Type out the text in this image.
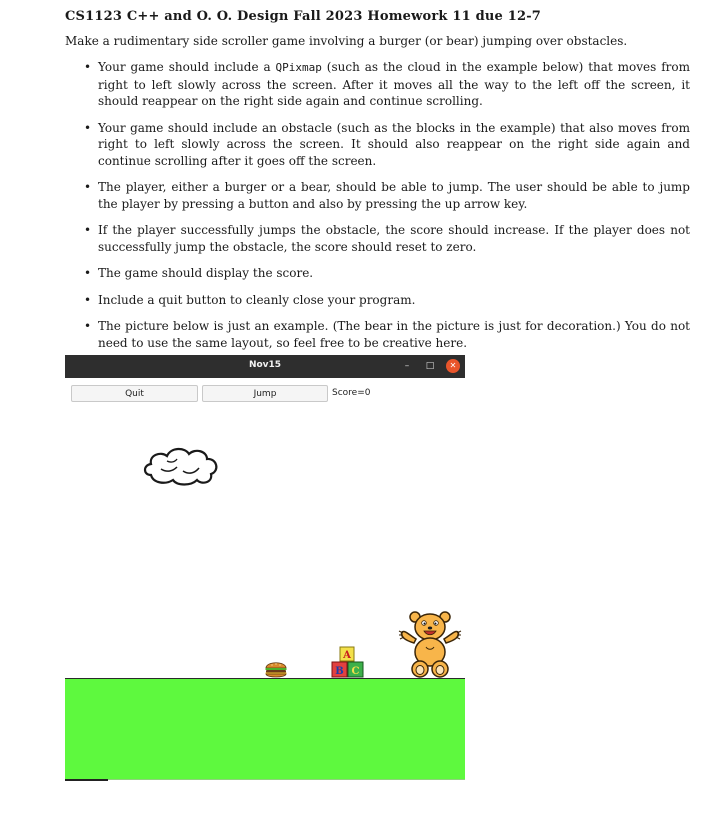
CS1123 C++ and O. O. Design Fall 2023 Homework 11 due 12-7
Make a rudimentary side scroller game involving a burger (or bear) jumping over obstacles.
• Your game should include a QPixmap (such as the cloud in the example below) that moves from right to left slowly across the screen. After it moves all the way to the left off the screen, it should reappear on the right side again and continue scrolling.
• Your game should include an obstacle (such as the blocks in the example) that also moves from right to left slowly across the screen. It should also reappear on the right side again and continue scrolling after it goes off the screen.
• The player, either a burger or a bear, should be able to jump. The user should be able to jump the player by pressing a button and also by pressing the up arrow key.
• If the player successfully jumps the obstacle, the score should increase. If the player does not successfully jump the obstacle, the score should reset to zero.
• The game should display the score.
• Include a quit button to cleanly close your program.
• The picture below is just an example. (The bear in the picture is just for decoration.) You do not need to use the same layout, so feel free to be creative here.
Nov15	–	□	✕
Quit	Jump	Score=0
A
B C
